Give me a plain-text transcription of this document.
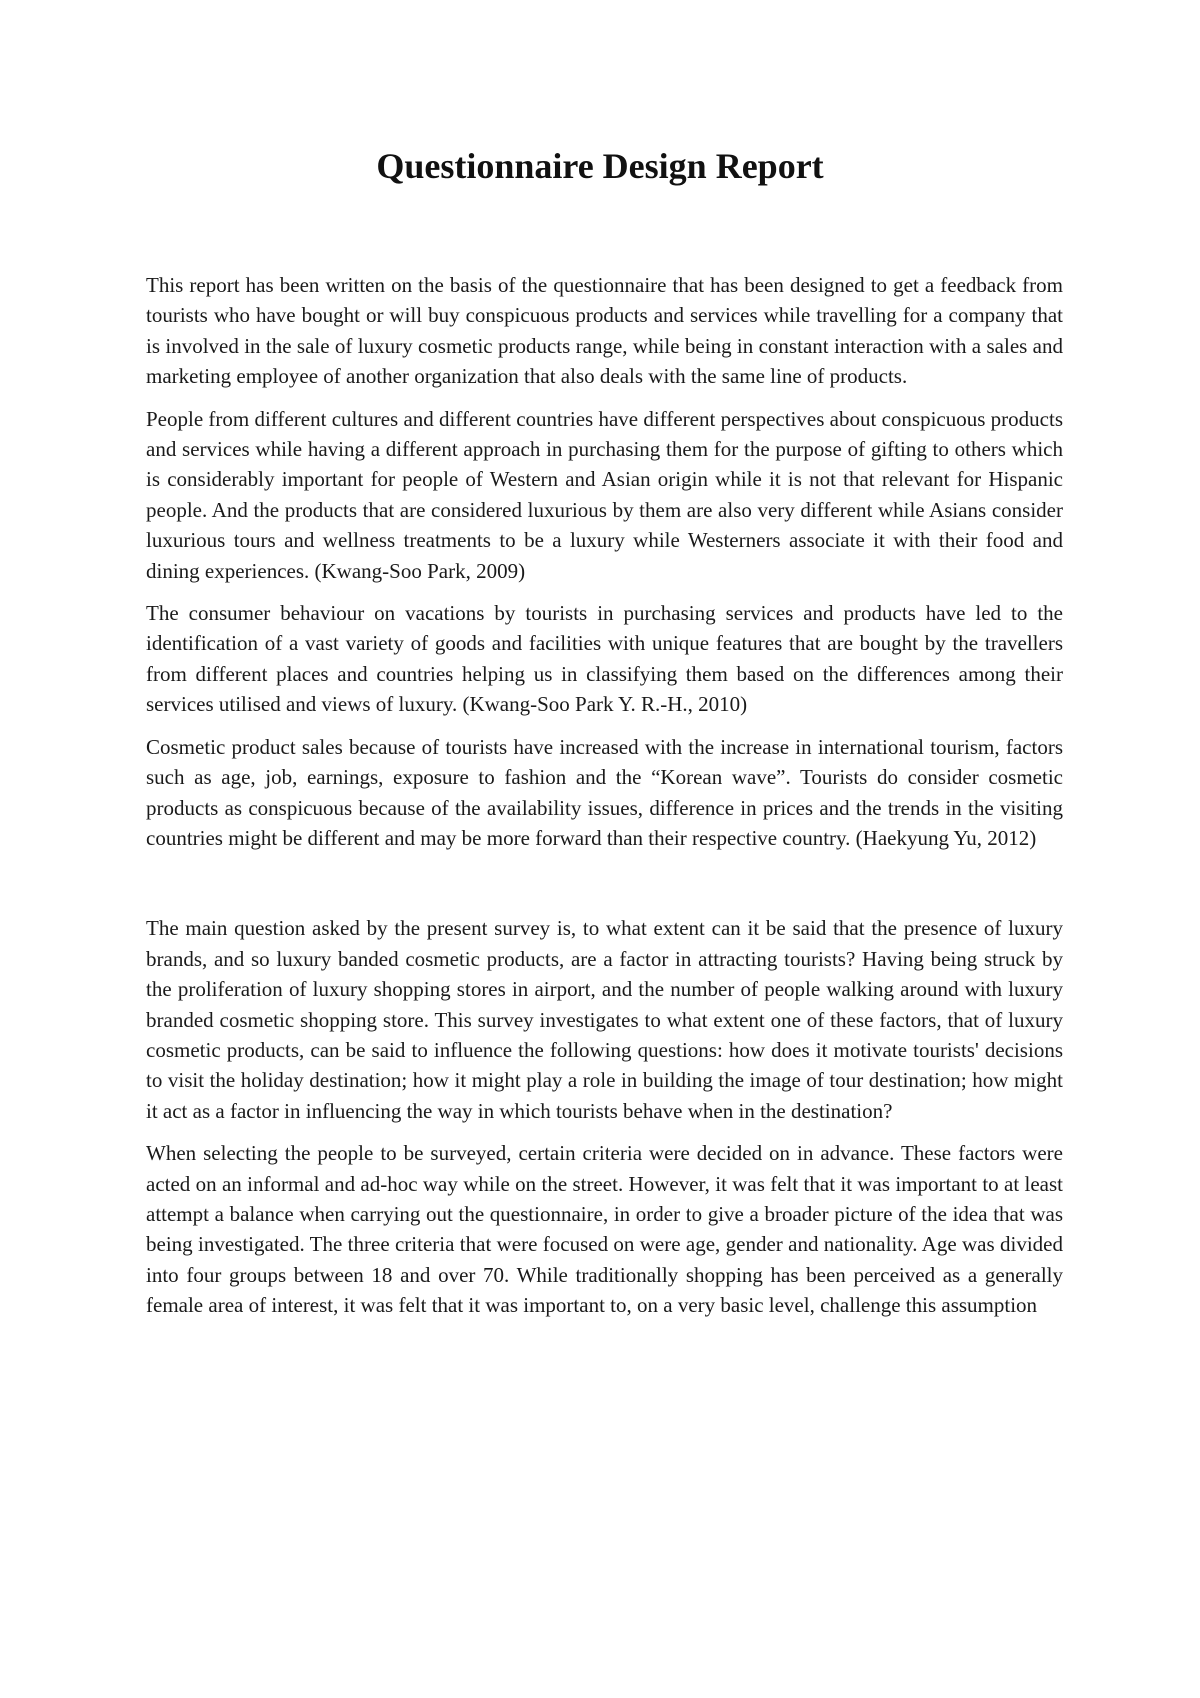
Questionnaire Design Report

This report has been written on the basis of the questionnaire that has been designed to get a feedback from tourists who have bought or will buy conspicuous products and services while travelling for a company that is involved in the sale of luxury cosmetic products range, while being in constant interaction with a sales and marketing employee of another organization that also deals with the same line of products.

People from different cultures and different countries have different perspectives about conspicuous products and services while having a different approach in purchasing them for the purpose of gifting to others which is considerably important for people of Western and Asian origin while it is not that relevant for Hispanic people. And the products that are considered luxurious by them are also very different while Asians consider luxurious tours and wellness treatments to be a luxury while Westerners associate it with their food and dining experiences. (Kwang-Soo Park, 2009)

The consumer behaviour on vacations by tourists in purchasing services and products have led to the identification of a vast variety of goods and facilities with unique features that are bought by the travellers from different places and countries helping us in classifying them based on the differences among their services utilised and views of luxury. (Kwang-Soo Park Y. R.-H., 2010)

Cosmetic product sales because of tourists have increased with the increase in international tourism, factors such as age, job, earnings, exposure to fashion and the “Korean wave”. Tourists do consider cosmetic products as conspicuous because of the availability issues, difference in prices and the trends in the visiting countries might be different and may be more forward than their respective country. (Haekyung Yu, 2012)

The main question asked by the present survey is, to what extent can it be said that the presence of luxury brands, and so luxury banded cosmetic products, are a factor in attracting tourists? Having being struck by the proliferation of luxury shopping stores in airport, and the number of people walking around with luxury branded cosmetic shopping store. This survey investigates to what extent one of these factors, that of luxury cosmetic products, can be said to influence the following questions: how does it motivate tourists' decisions to visit the holiday destination; how it might play a role in building the image of tour destination; how might it act as a factor in influencing the way in which tourists behave when in the destination?

When selecting the people to be surveyed, certain criteria were decided on in advance. These factors were acted on an informal and ad-hoc way while on the street. However, it was felt that it was important to at least attempt a balance when carrying out the questionnaire, in order to give a broader picture of the idea that was being investigated. The three criteria that were focused on were age, gender and nationality. Age was divided into four groups between 18 and over 70. While traditionally shopping has been perceived as a generally female area of interest, it was felt that it was important to, on a very basic level, challenge this assumption
